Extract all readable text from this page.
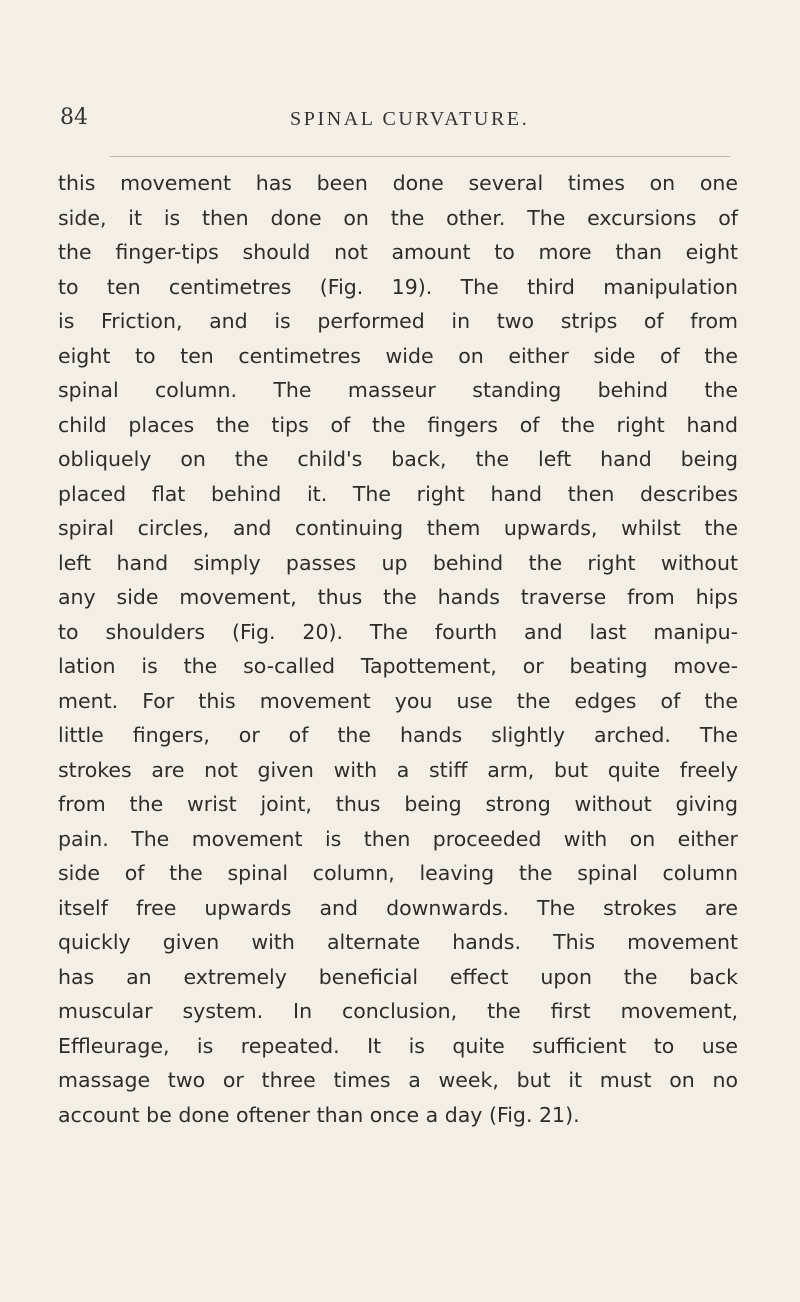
84	SPINAL CURVATURE.
this movement has been done several times on one
side, it is then done on the other. The excursions of
the finger-tips should not amount to more than eight
to ten centimetres (Fig. 19). The third manipulation
is Friction, and is performed in two strips of from
eight to ten centimetres wide on either side of the
spinal column. The masseur standing behind the
child places the tips of the fingers of the right hand
obliquely on the child's back, the left hand being
placed flat behind it. The right hand then describes
spiral circles, and continuing them upwards, whilst the
left hand simply passes up behind the right without
any side movement, thus the hands traverse from hips
to shoulders (Fig. 20). The fourth and last manipu-
lation is the so-called Tapottement, or beating move-
ment. For this movement you use the edges of the
little fingers, or of the hands slightly arched. The
strokes are not given with a stiff arm, but quite freely
from the wrist joint, thus being strong without giving
pain. The movement is then proceeded with on either
side of the spinal column, leaving the spinal column
itself free upwards and downwards. The strokes are
quickly given with alternate hands. This movement
has an extremely beneficial effect upon the back
muscular system. In conclusion, the first movement,
Effleurage, is repeated. It is quite sufficient to use
massage two or three times a week, but it must on no
account be done oftener than once a day (Fig. 21).
